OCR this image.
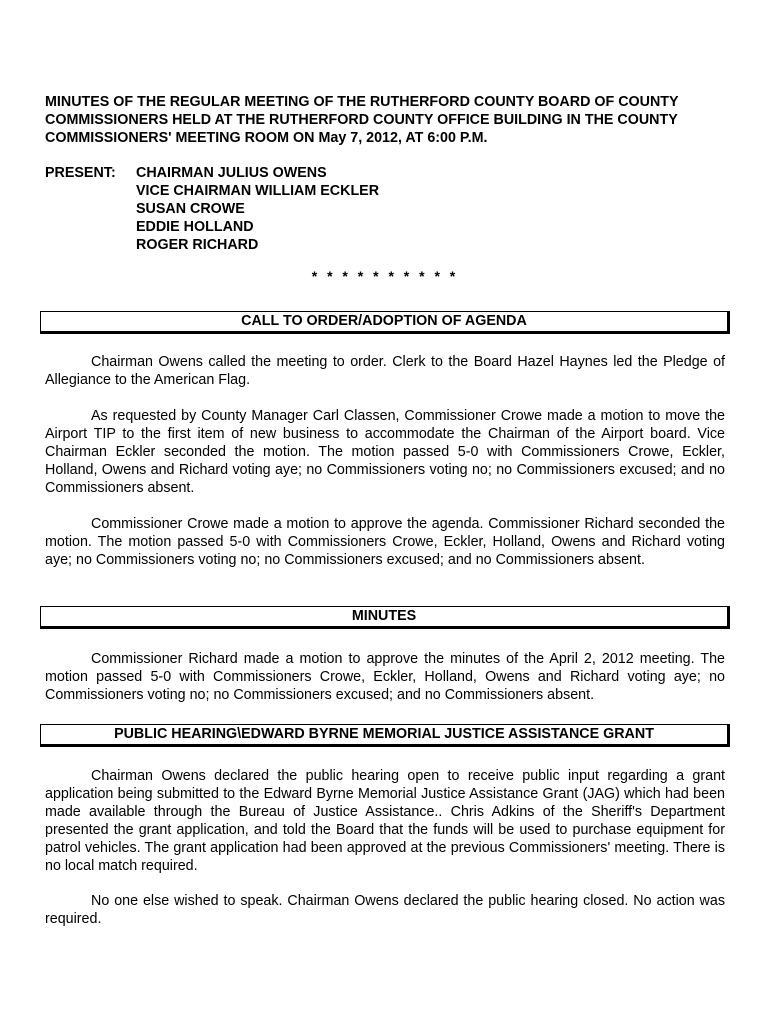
MINUTES OF THE REGULAR MEETING OF THE RUTHERFORD COUNTY BOARD OF COUNTY COMMISSIONERS HELD AT THE RUTHERFORD COUNTY OFFICE BUILDING IN THE COUNTY COMMISSIONERS' MEETING ROOM ON May 7, 2012, AT 6:00 P.M.
PRESENT: CHAIRMAN JULIUS OWENS
VICE CHAIRMAN WILLIAM ECKLER
SUSAN CROWE
EDDIE HOLLAND
ROGER RICHARD
* * * * * * * * * *
CALL TO ORDER/ADOPTION OF AGENDA
Chairman Owens called the meeting to order. Clerk to the Board Hazel Haynes led the Pledge of Allegiance to the American Flag.
As requested by County Manager Carl Classen, Commissioner Crowe made a motion to move the Airport TIP to the first item of new business to accommodate the Chairman of the Airport board. Vice Chairman Eckler seconded the motion. The motion passed 5-0 with Commissioners Crowe, Eckler, Holland, Owens and Richard voting aye; no Commissioners voting no; no Commissioners excused; and no Commissioners absent.
Commissioner Crowe made a motion to approve the agenda. Commissioner Richard seconded the motion. The motion passed 5-0 with Commissioners Crowe, Eckler, Holland, Owens and Richard voting aye; no Commissioners voting no; no Commissioners excused; and no Commissioners absent.
MINUTES
Commissioner Richard made a motion to approve the minutes of the April 2, 2012 meeting. The motion passed 5-0 with Commissioners Crowe, Eckler, Holland, Owens and Richard voting aye; no Commissioners voting no; no Commissioners excused; and no Commissioners absent.
PUBLIC HEARING\EDWARD BYRNE MEMORIAL JUSTICE ASSISTANCE GRANT
Chairman Owens declared the public hearing open to receive public input regarding a grant application being submitted to the Edward Byrne Memorial Justice Assistance Grant (JAG) which had been made available through the Bureau of Justice Assistance.. Chris Adkins of the Sheriff's Department presented the grant application, and told the Board that the funds will be used to purchase equipment for patrol vehicles. The grant application had been approved at the previous Commissioners' meeting. There is no local match required.
No one else wished to speak. Chairman Owens declared the public hearing closed. No action was required.
